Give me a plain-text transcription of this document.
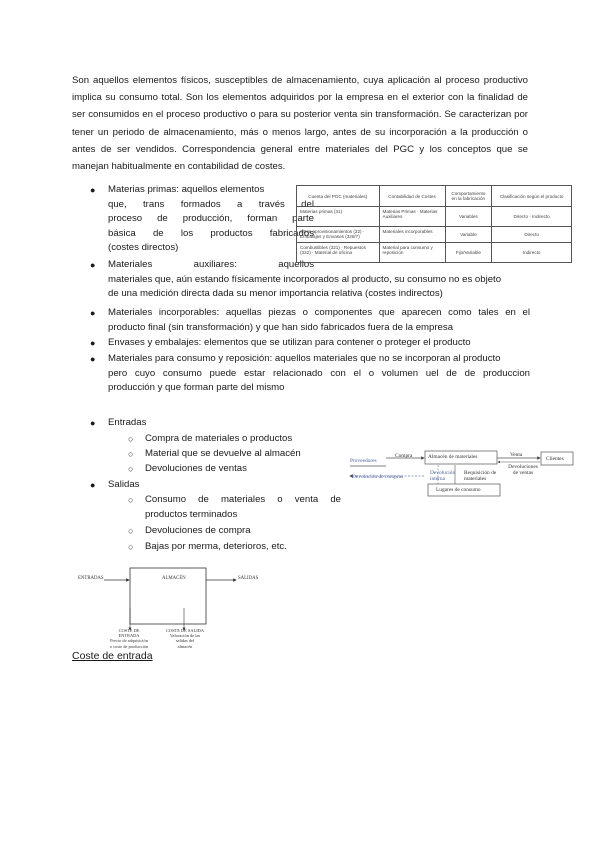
Son aquellos elementos físicos, susceptibles de almacenamiento, cuya aplicación al proceso productivo implica su consumo total. Son los elementos adquiridos por la empresa en el exterior con la finalidad de ser consumidos en el proceso productivo o para su posterior venta sin transformación. Se caracterizan por tener un periodo de almacenamiento, más o menos largo, antes de su incorporación a la producción o antes de ser vendidos. Correspondencia general entre materiales del PGC y los conceptos que se manejan habitualmente en contabilidad de costes.

● Materias primas: aquellos elementos
que, trans formados a través del
proceso de producción, forman parte
básica de los productos fabricados
(costes directos)
● Materiales auxiliares: aquellos
materiales que, aún estando físicamente incorporados al producto, su consumo no es objeto
de una medición directa dada su menor importancia relativa (costes indirectos)
● Materiales incorporables: aquellas piezas o componentes que aparecen como tales en el
producto final (sin transformación) y que han sido fabricados fuera de la empresa
● Envases y embalajes: elementos que se utilizan para contener o proteger el producto
● Materiales para consumo y reposición: aquellos materiales que no se incorporan al producto
pero cuyo consumo puede estar relacionado con el o volumen uel de de produccion
producción y que forman parte del mismo
● Entradas
○ Compra de materiales o productos
○ Material que se devuelve al almacén
○ Devoluciones de ventas
● Salidas
○ Consumo de materiales o venta de
productos terminados
○ Devoluciones de compra
○ Bajas por merma, deterioros, etc.
Cuenta del PGC (materiales)	Contabilidad de Costes	Comportamiento en la fabricación	Clasificación según el producto
Materias primas (31)	Materias Primas · Materias Auxiliares	Variables	Directo · Indirecto
Otros aprovisionamientos (32) · Embalajes y Envases (326/7)	Materiales incorporables	Variable	Directo
Combustibles (321) · Repuestos (322) · Material de oficina	Material para consumo y reposición	Fijo/Variable	Indirecto
Proveedores
Compra	Almacén de materiales	Venta
Clientes
Devolución de compras
Devolución interna
Requisición de materiales
Devoluciones de ventas
Lugares de consumo
ENTRADAS	ALMACÉN	SALIDAS
COSTE DE
ENTRADA
Precio de adquisición
o coste de producción
COSTE DE SALIDA
Valoración de las
salidas del
almacén
Coste de entrada
